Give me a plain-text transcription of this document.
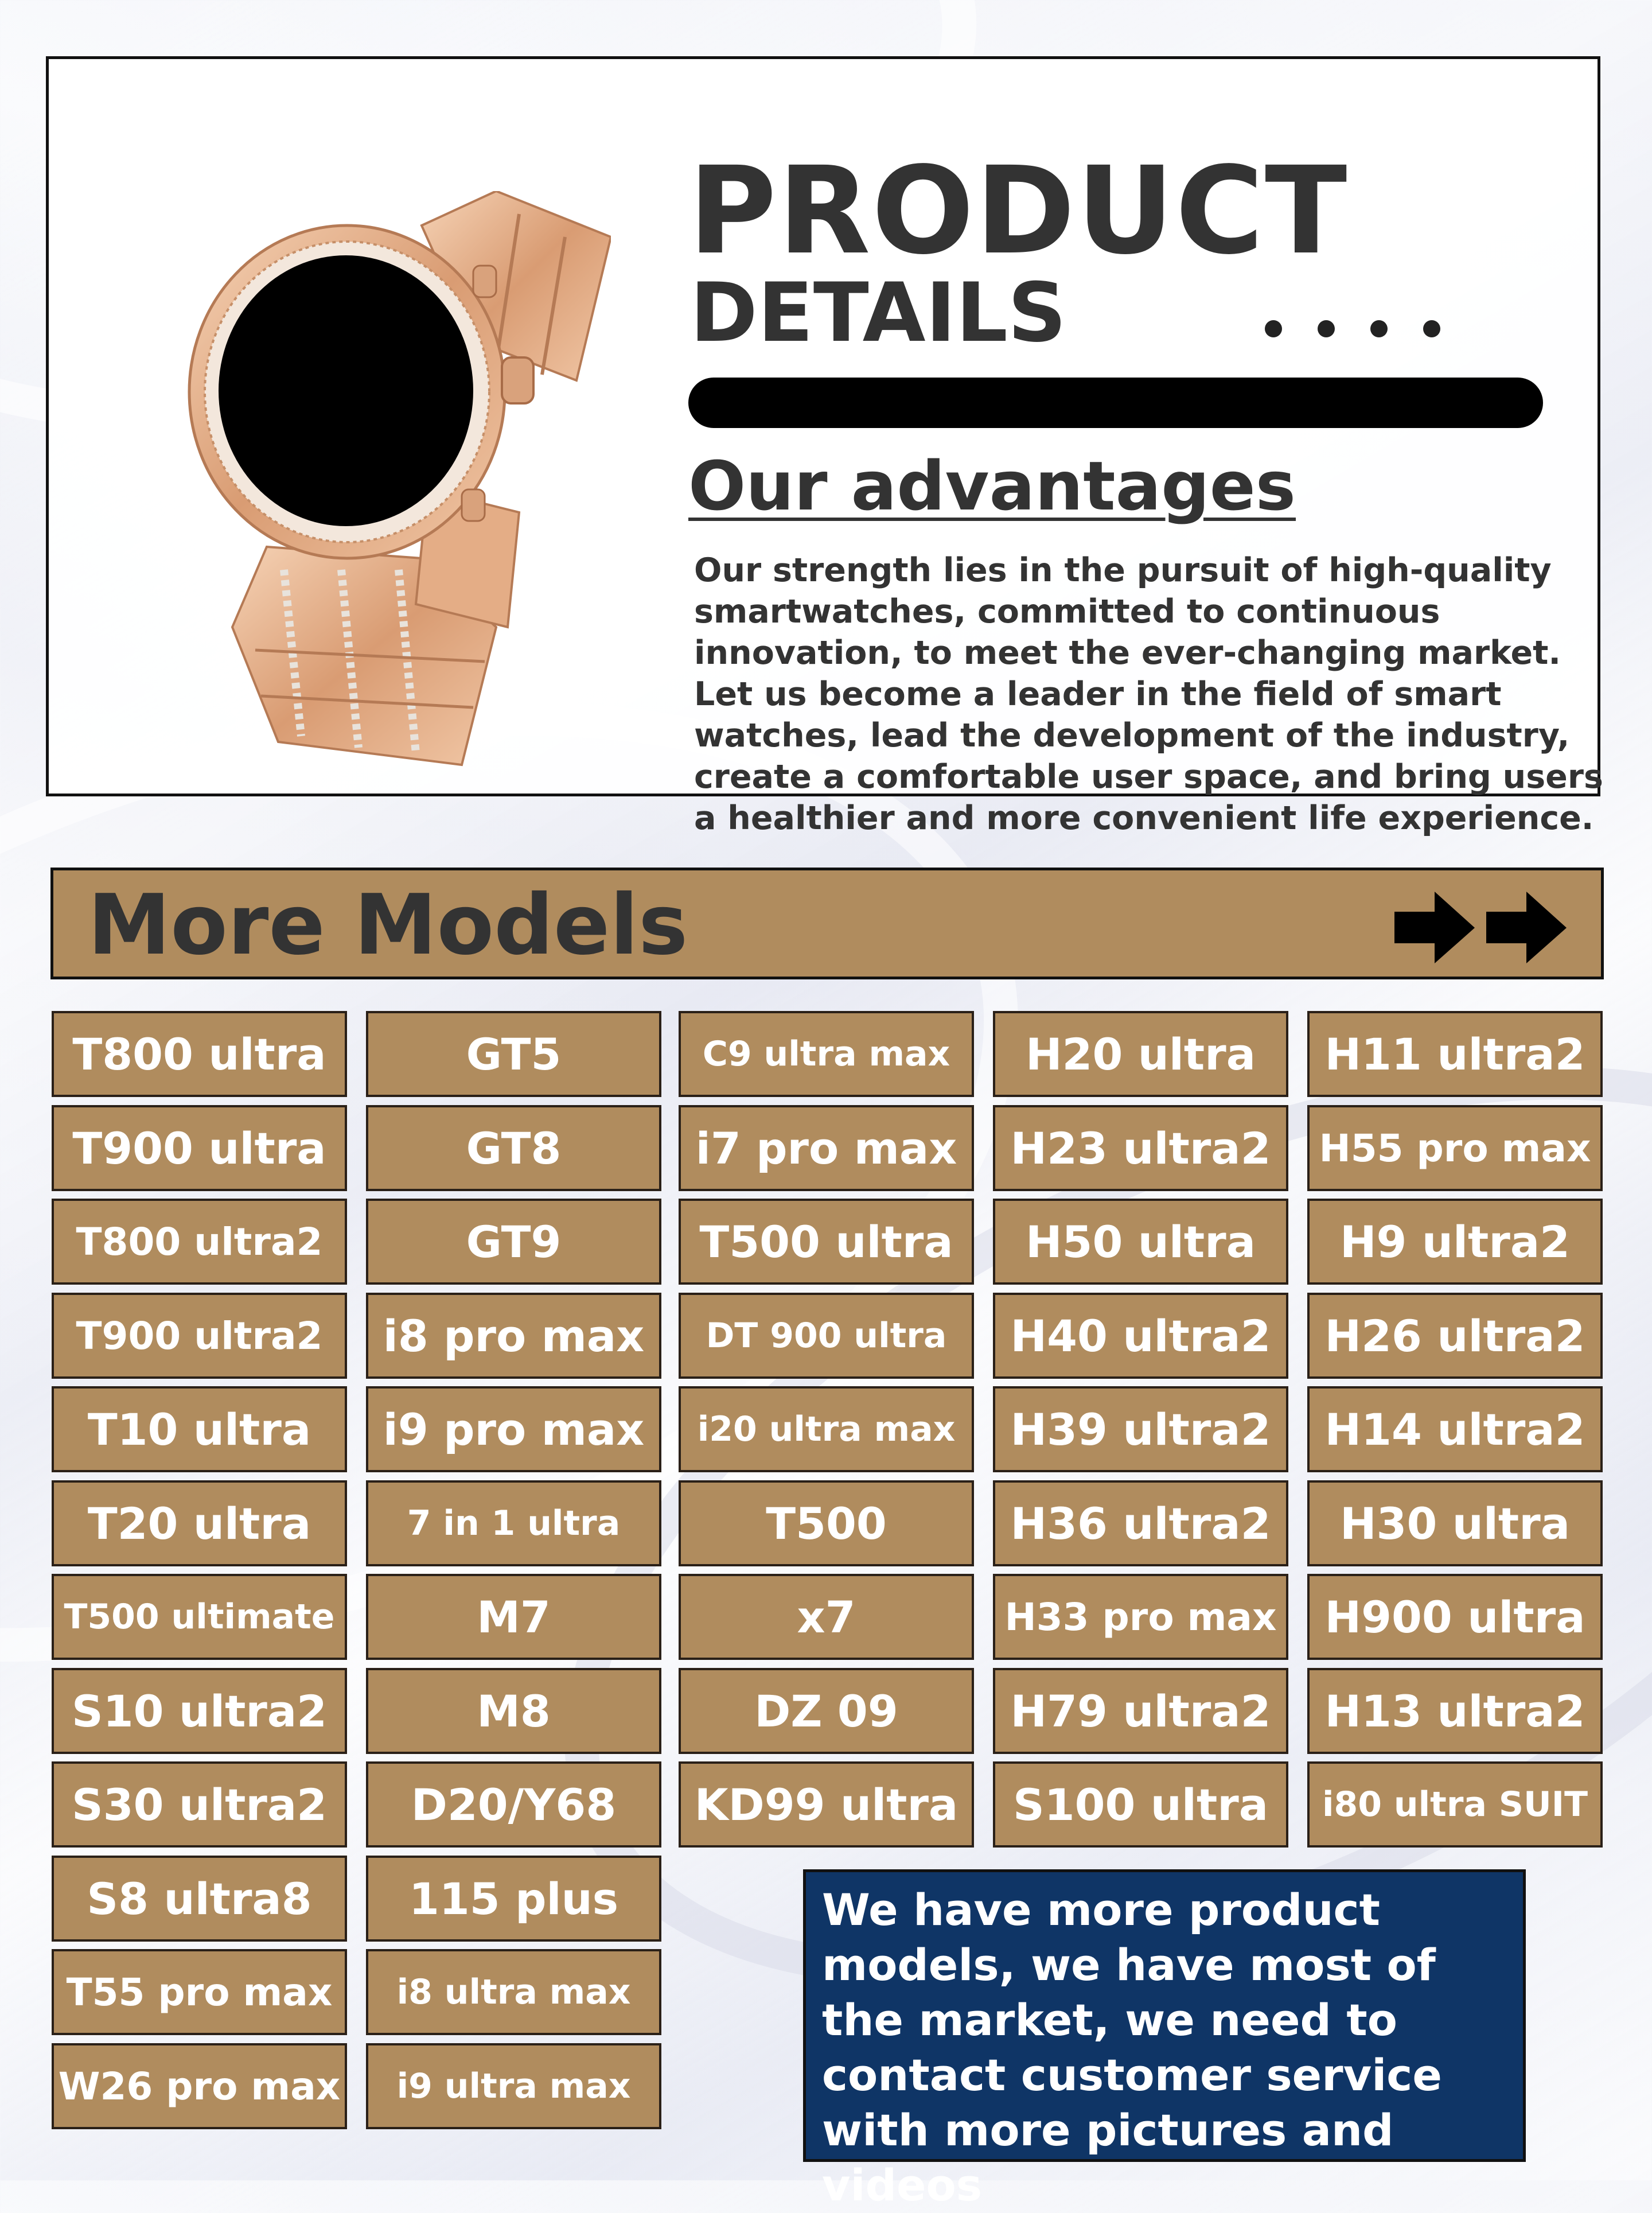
PRODUCT
DETAILS
Our advantages

Our strength lies in the pursuit of high-quality smartwatches, committed to continuous innovation, to meet the ever-changing market. Let us become a leader in the field of smart watches, lead the development of the industry, create a comfortable user space, and bring users a healthier and more convenient life experience.

More Models
T800 ultra
T900 ultra
T800 ultra2
T900 ultra2
T10 ultra
T20 ultra
T500 ultimate
S10 ultra2
S30 ultra2
S8 ultra8
T55 pro max
W26 pro max
GT5
GT8
GT9
i8 pro max
i9 pro max
7 in 1 ultra
M7
M8
D20/Y68
115 plus
i8 ultra max
i9 ultra max
C9 ultra max
i7 pro max
T500 ultra
DT 900 ultra
i20 ultra max
T500
x7
DZ 09
KD99 ultra
H20 ultra
H23 ultra2
H50 ultra
H40 ultra2
H39 ultra2
H36 ultra2
H33 pro max
H79 ultra2
S100 ultra
H11 ultra2
H55 pro max
H9 ultra2
H26 ultra2
H14 ultra2
H30 ultra
H900 ultra
H13 ultra2
i80 ultra SUIT
We have more product models, we have most of the market, we need to contact customer service with more pictures and videos
